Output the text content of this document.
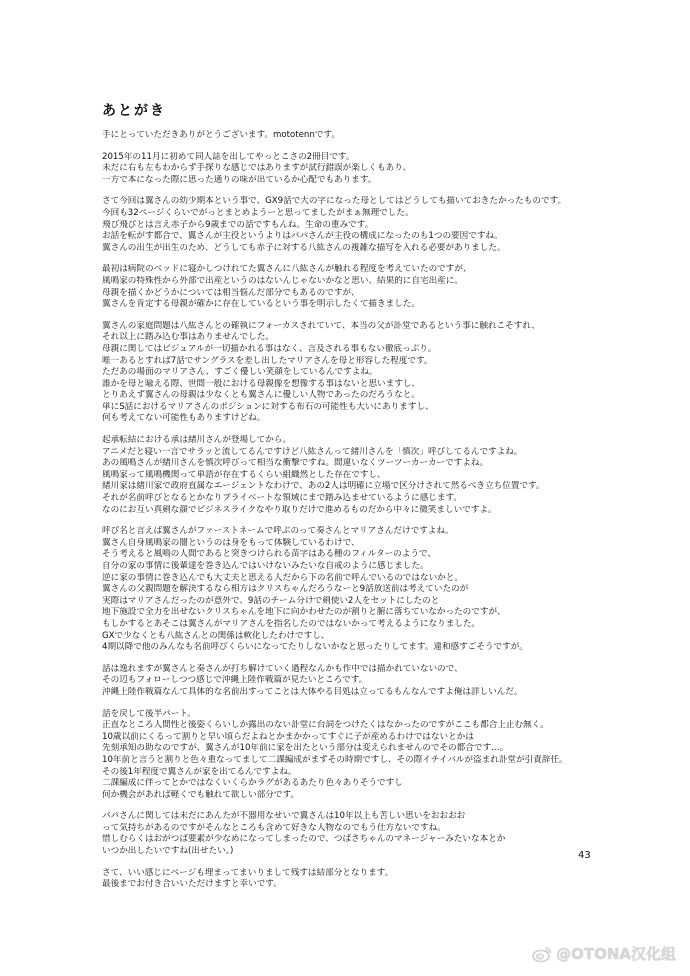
あとがき
手にとっていただきありがとうございます。mototennです。
2015年の11月に初めて同人誌を出してやっとこさの2冊目です。
未だに右も左もわからず手探りな感じではありますが試行錯誤が楽しくもあり、
一方で本になった際に思った通りの味が出ているか心配でもあります。
さて今回は翼さんの幼少期本という事で、GX9話で大の字になった母としてはどうしても描いておきたかったものです。
今回も32ページくらいでがっとまとめようーと思ってましたがまぁ無理でした。
飛び飛びとは言え赤子から9歳までの話ですもんね。生命の重みです。
お話を転がす都合で、翼さんが主役というよりはパパさんが主役の構成になったのも1つの要因ですね。
翼さんの出生が出生のため、どうしても赤子に対する八紘さんの複雑な描写を入れる必要がありました。
最初は病院のベッドに寝かしつけれてた翼さんに八紘さんが触れる程度を考えていたのですが、
風鳴家の特殊性から外部で出産というのはないんじゃないかなと思い、結果的に自宅出産に。
母親を描くかどうかについては相当悩んだ部分でもあるのですが、
翼さんを肯定する母親が確かに存在しているという事を明示したくて描きました。
翼さんの家庭問題は八紘さんとの確執にフォーカスされていて、本当の父が訃堂であるという事に触れこそすれ、
それ以上に踏み込む事はありませんでした。
母親に関してはビジュアルが一切描かれる事はなく、言及される事もない徹底っぷり。
唯一あるとすれば7話でサングラスを差し出したマリアさんを母と形容した程度です。
ただあの場面のマリアさん、すごく優しい笑顔をしているんですよね。
誰かを母と喩える際、世間一般における母親像を想像する事はないと思いますし、
とりあえず翼さんの母親は少なくとも翼さんに優しい人物であったのだろうなと。
単にS話におけるマリアさんのポジションに対する布石の可能性も大いにありますし、
何も考えてない可能性もありますけどね。
起承転結における承は緒川さんが登場してから。
アニメだと寝い一言でサラッと流してるんですけど八紘さんって緒川さんを「慎次」呼びしてるんですよね。
あの風鳴さんが緒川さんを慎次呼びって相当な衝撃ですね。間違いなくツーツーカーカーですよね。
風鳴家って風鳴機関って単語が存在するくらい組織然とした存在ですし、
緒川家は緒川家で政府直属なエージェントなわけで、あの2人は明確に立場で区分けされて然るべき立ち位置です。
それが名前呼びとなるとかなりプライベートな領域にまで踏み込ませているように感じます。
なのにお互い真剣な顔でビジネスライクなやり取りだけで進めるものだから中々に微笑ましいですよ。
呼び名と言えば翼さんがファーストネームで呼ぶのって奏さんとマリアさんだけですよね。
翼さん自身風鳴家の闇というのは身をもって体験しているわけで、
そう考えると風鳴の人間であると突きつけられる苗字はある種のフィルターのようで、
自分の家の事情に後輩達を巻き込んではいけないみたいな自戒のように感じました。
逆に家の事情に巻き込んでも大丈夫と思える人だから下の名前で呼んでいるのではないかと。
翼さんの父親問題を解決するなら相方はクリスちゃんだろうなーと9話放送前は考えていたのが
実際はマリアさんだったのが意外で、9話のチーム分けで剣使い2人をセットにしたのと
地下施設で全力を出せないクリスちゃんを地下に向かわせたのが割りと腑に落ちていなかったのですが、
もしかするとあそこは翼さんがマリアさんを指名したのではないかって考えるようになりました。
GXで少なくとも八紘さんとの関係は軟化したわけですし、
4期以降で他のみんなも名前呼びくらいになってたりしないかなと思ったりしてます。違和感すごそうですが。
話は逸れますが翼さんと奏さんが打ち解けていく過程なんかも作中では描かれていないので、
その辺もフォローしつつ感じで沖縄上陸作戦篇が見たいところです。
沖縄上陸作戦篇なんて具体的な名前出すってことは大体やる目処は立ってるもんなんですよ俺は詳しいんだ。
話を戻して後半パート。
正直なところ人間性と後姿くらいしか露出のない訃堂に台詞をつけたくはなかったのですがここも都合上止む無く。
10歳以前にくるって割りと早い頃らだよねとかまかかってすぐに子が産めるわけではないとかは
先刻承知の助なのですが、翼さんが10年前に家を出たという部分は変えられませんのでその都合です…。
10年前と言うと割りと色々重なってまして二課編成がまずその時期ですし、その際イチイバルが盗まれ訃堂が引責辞任。
その後1年程度で翼さんが家を出てるんですよね。
二課編成に伴ってとかではなくいくらかラグがあるあたり色々ありそうですし
何か機会があれば軽くでも触れて欲しい部分です。
パパさんに関しては未だにあんたが不器用なせいで翼さんは10年以上も苦しい思いをおおおお
って気持ちがあるのですがそんなところも含めて好きな人物なのでもう仕方ないですね。
惜しむらくはおがつば要素が少なめになってしまったので、つばさちゃんのマネージャーみたいな本とか
いつか出したいですね(出せたい。)
さて、いい感じにページも埋まってまいりまして残すは結部分となります。
最後までお付き合いいただけますと幸いです。
43
@OTONA汉化组
